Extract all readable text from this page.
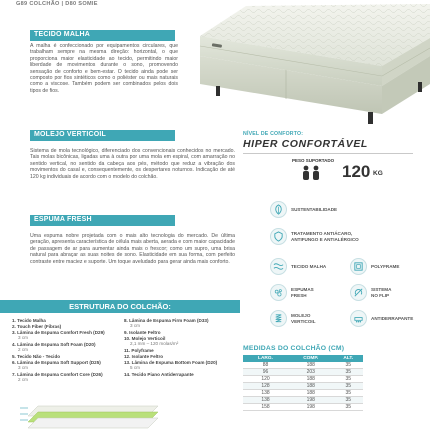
G89 COLCHÃO | D80 SOMIE
TECIDO MALHA
A malha é confeccionado por equipamentos circulares, que trabalham sempre na mesma direção: horizontal, o que proporciona maior elasticidade ao tecido, permitindo maior liberdade de movimentos durante o sono, promovendo sensação de conforto e bem-estar. O tecido ainda pode ser composto por fios sintéticos como o poliéster ou mais naturais como a viscose. Também podem ser combinados pelos dois tipos de fios.
MOLEJO VERTICOIL
Sistema de mola tecnológico, diferenciado dos convencionais conhecidos no mercado. Tais molas bicônicas, ligadas uma à outra por uma mola em espiral, com amarração no sentido vertical, no sentido da cabeça aos pés, método que reduz a vibração dos movimentos do casal e, consequentemente, os despertares noturnos. Indicação de até 120 kg individuais de acordo com o modelo do colchão.
ESPUMA FRESH
Uma espuma nobre projetada com o mais alto tecnologia do mercado. De última geração, apresenta característica de célula mais aberta, aerada e com maior capacidade de passagem de ar para aumentar ainda mais o frescor; como um supro, uma brisa natural para abraçar as suas noites de sono. Elasticidade em sua forma, com perfeito contraste entre maciez e suporte. Um toque aveludado para gerar ainda mais conforto.
NÍVEL DE CONFORTO:
HIPER CONFORTÁVEL
PESO SUPORTADO
120 KG
SUSTENTABILIDADE
TRATAMENTO ANTIÁCARO,
ANTIFUNGO E ANTIALÉRGICO
TECIDO MALHA	POLYFRAME
ESPUMAS
FRESH
SISTEMA
NO FLIP
MOLEJO
VERTICOIL
ANTIDERRAPANTE
ESTRUTURA DO COLCHÃO:
1. Tecido Malha
2. Touch Fiber (Fibras)
3. Lâmina de Espuma Comfort Fresh (D29)
3 cm
4. Lâmina de Espuma Soft Foam (D20)
2 cm
5. Tecido Não - Tecido
6. Lâmina de Espuma Soft Support (D25)
3 cm
7. Lâmina de Espuma Comfort Core (D26)
2 cm
8. Lâmina de Espuma Firm Foam (D33)
3 cm
9. Isolante Feltro
10. Molejo Verticoil
2,1 mm – 120 molas/m²
11. Polyframe
12. Isolante Feltro
13. Lâmina de Espuma Bottom Foam (D20)
5 cm
14. Tecido Piano Antiderrapante
MEDIDAS DO COLCHÃO (CM)
LARG.	COMP.	ALT.
88	188	35
96	203	35
120	188	35
128	188	35
138	188	35
138	198	35
158	198	35
